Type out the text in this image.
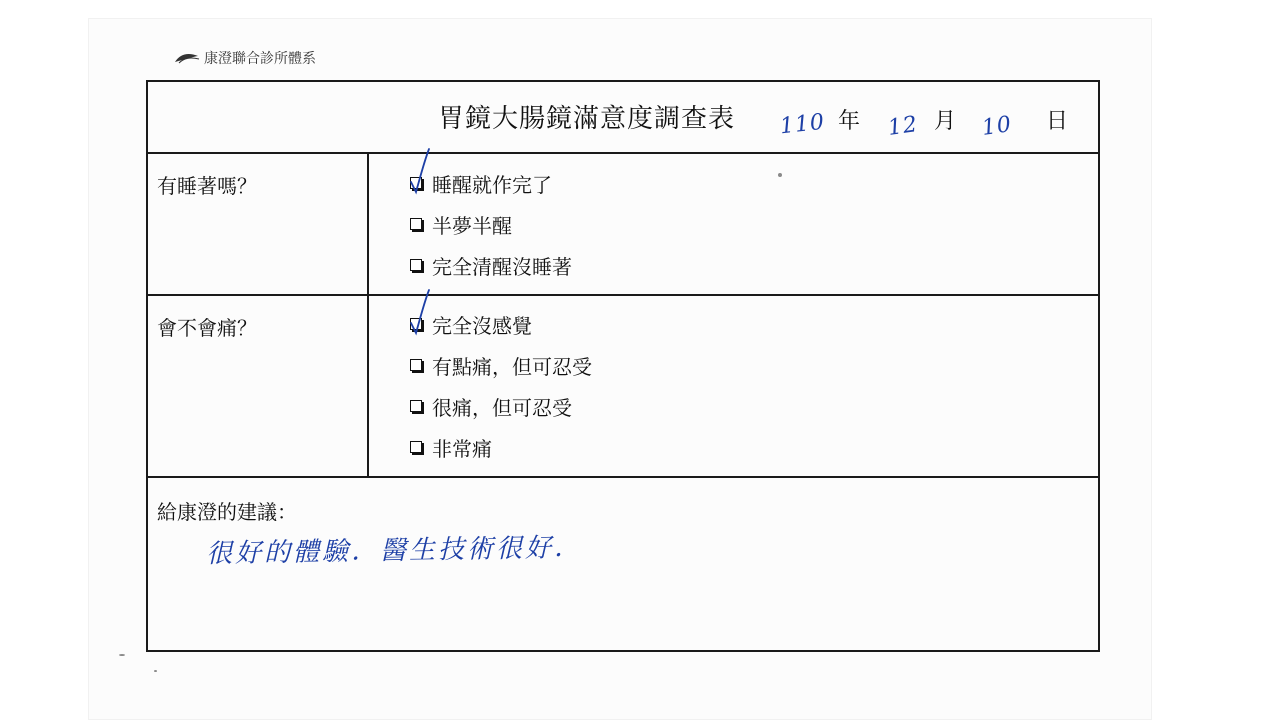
康澄聯合診所體系
胃鏡大腸鏡滿意度調查表 110 年 12 月 10 日
有睡著嗎？	睡醒就作完了
半夢半醒
完全清醒沒睡著
會不會痛？	完全沒感覺
有點痛，但可忍受
很痛，但可忍受
非常痛
給康澄的建議：
很好的體驗．醫生技術很好．
